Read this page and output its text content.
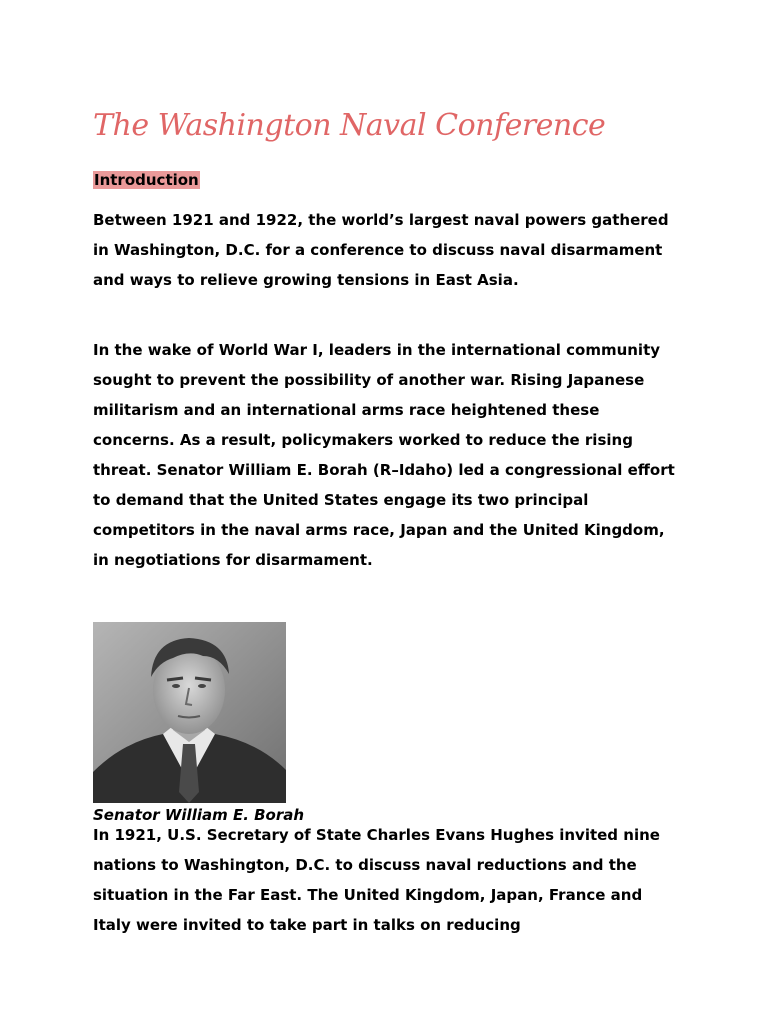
The Washington Naval Conference
Introduction

Between 1921 and 1922, the world’s largest naval powers gathered in Washington, D.C. for a conference to discuss naval disarmament and ways to relieve growing tensions in East Asia.

In the wake of World War I, leaders in the international community sought to prevent the possibility of another war. Rising Japanese militarism and an international arms race heightened these concerns. As a result, policymakers worked to reduce the rising threat. Senator William E. Borah (R–Idaho) led a congressional effort to demand that the United States engage its two principal competitors in the naval arms race, Japan and the United Kingdom, in negotiations for disarmament.

Senator William E. Borah

In 1921, U.S. Secretary of State Charles Evans Hughes invited nine nations to Washington, D.C. to discuss naval reductions and the situation in the Far East. The United Kingdom, Japan, France and Italy were invited to take part in talks on reducing
